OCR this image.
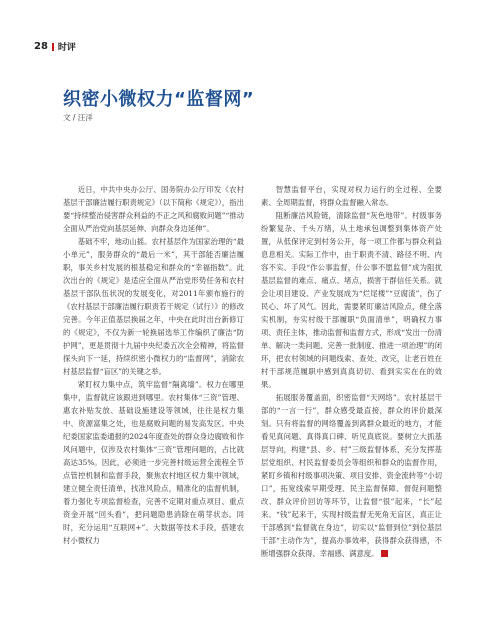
28 时评
织密小微权力“监督网”
文 / 汪洋

近日，中共中央办公厅、国务院办公厅印发《农村基层干部廉洁履行职责规定》（以下简称《规定》），指出要“持续整治侵害群众利益的不正之风和腐败问题”“推动全面从严治党向基层延伸、向群众身边延伸”。

基础不牢，地动山摇。农村基层作为国家治理的“最小单元”，服务群众的“最后一米”，其干部能否廉洁履职，事关乡村发展的根基稳定和群众的“幸福指数”。此次出台的《规定》是适应全面从严治党形势任务和农村基层干部队伍状况的发展变化，对2011年颁布施行的《农村基层干部廉洁履行职责若干规定（试行）》的修改完善。今年正值基层换届之年，中央在此时出台新修订的《规定》，不仅为新一轮换届选举工作编织了廉洁“防护网”，更是贯彻十九届中央纪委五次全会精神，将监督探头向下一延，持续织密小微权力的“监督网”，消除农村基层监督“盲区”的关键之举。

紧盯权力集中点，筑牢监督“隔离墙”。权力在哪里集中，监督就应该跟进到哪里。农村集体“三资”管理、惠农补贴发放、基础设施建设等领域，往往是权力集中、资源富集之处，也是腐败问题的易发高发区。中央纪委国家监委通报的2024年度查处的群众身边腐败和作风问题中，仅涉及农村集体“三资”管理问题的，占比就高达35%。因此，必须进一步完善村级运营全流程全节点管控机制和监督手段，聚焦农村地区权力集中领域，建立健全责任清单，找准风险点，精准化的监督机制，着力强化专项监督检查，完善不定期对重点项目、重点资金开展“回头看”，把问题隐患消除在萌芽状态。同时，充分运用“互联网+”、大数据等技术手段，搭建农村小微权力

智慧监督平台，实现对权力运行的全过程、全要素、全周期监督，将群众监督融入常态。

阻断廉洁风险链，清除监督“灰色地带”。村级事务纷繁复杂、千头万绪，从土地承包调整到集体资产处置，从低保评定到村务公开，每一项工作都与群众利益息息相关。实际工作中，由于职责不清、路径不明、内容不实、手段“作公事监督，什公事不愿监督”成为阻扰基层监督的难点、痛点、堵点，损害干群信任关系。就会让项目建设、产业发展成为“烂尾楼”“豆腐渣”，伤了民心、坏了风气。因此，需要紧盯廉洁风险点，健全落实机制，夯实村级干部履职“负面清单”，明确权力事项、责任主体，推动监督和监督方式，形成“发出一份清单、解决一类问题、完善一批制度、推进一项治理”的闭环，把农村领域的问题线索、查处、改完，让老百姓在村干部规范履职中感到真真切切、看到实实在在的效果。

拓展服务覆盖面，织密监督“天网络”。农村基层干部的“一言一行”，群众感受最直接，群众的评价最深刻。只有将监督的网络覆盖到离群众最近的地方，才能看见真问题、真得真口碑、听见真底说。要树立大抓基层导向，构建“县、乡、村”三级监督体系，充分发挥基层党组织、村民监督委员会等组织和群众的监督作用，紧盯乡镇和村级事项决策、项目安排、资金流转等“小切口”，拓宽线索早期受理、民主监督保障、督促问题整改、群众评价回访等环节，让监督“很”起来，“长”起来。“钱”起来干，实现村级监督无死角无盲区，真正让干部感到“监督就在身边”，切实以“监督到位”到位基层干部“主动作为”，提高办事效率，获得群众获得感，不断增强群众获得、幸福感、满意度。
